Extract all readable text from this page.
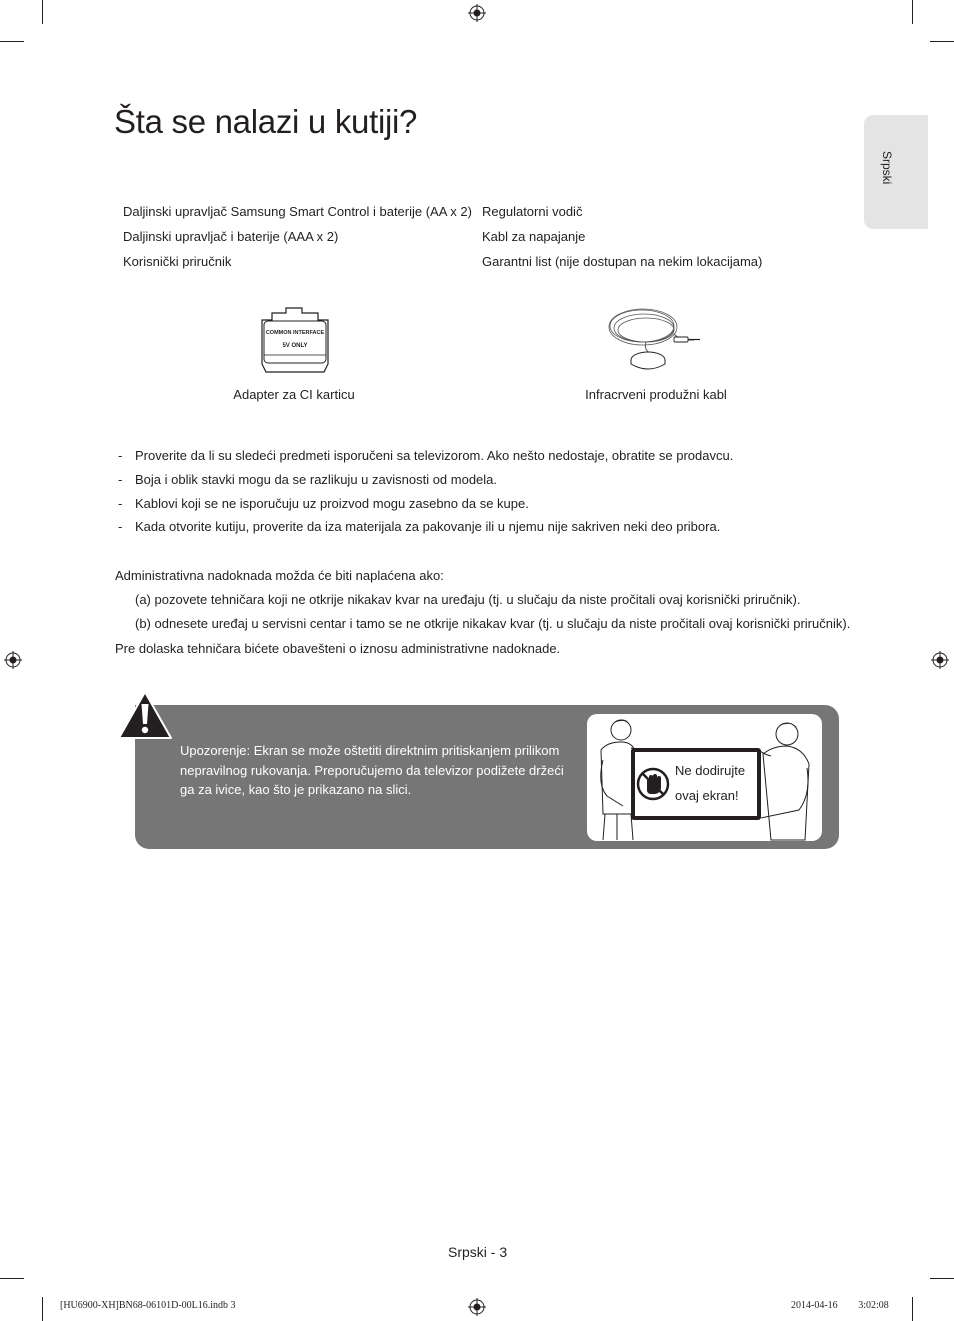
Srpski
Šta se nalazi u kutiji?
Daljinski upravljač Samsung Smart Control i baterije (AA x 2)
Daljinski upravljač i baterije (AAA x 2)
Korisnički priručnik
Regulatorni vodič
Kabl za napajanje
Garantni list (nije dostupan na nekim lokacijama)
COMMON INTERFACE
5V ONLY
Adapter za CI karticu	Infracrveni produžni kabl
- Proverite da li su sledeći predmeti isporučeni sa televizorom. Ako nešto nedostaje, obratite se prodavcu.
- Boja i oblik stavki mogu da se razlikuju u zavisnosti od modela.
- Kablovi koji se ne isporučuju uz proizvod mogu zasebno da se kupe.
- Kada otvorite kutiju, proverite da iza materijala za pakovanje ili u njemu nije sakriven neki deo pribora.
Administrativna nadoknada možda će biti naplaćena ako:
(a) pozovete tehničara koji ne otkrije nikakav kvar na uređaju (tj. u slučaju da niste pročitali ovaj korisnički priručnik).
(b) odnesete uređaj u servisni centar i tamo se ne otkrije nikakav kvar (tj. u slučaju da niste pročitali ovaj korisnički priručnik).
Pre dolaska tehničara bićete obavešteni o iznosu administrativne nadoknade.
Upozorenje: Ekran se može oštetiti direktnim pritiskanjem prilikom nepravilnog rukovanja. Preporučujemo da televizor podižete držeći ga za ivice, kao što je prikazano na slici.
Ne dodirujte
ovaj ekran!
Srpski - 3
[HU6900-XH]BN68-06101D-00L16.indb 3	2014-04-16 ￿￿ 3:02:08
